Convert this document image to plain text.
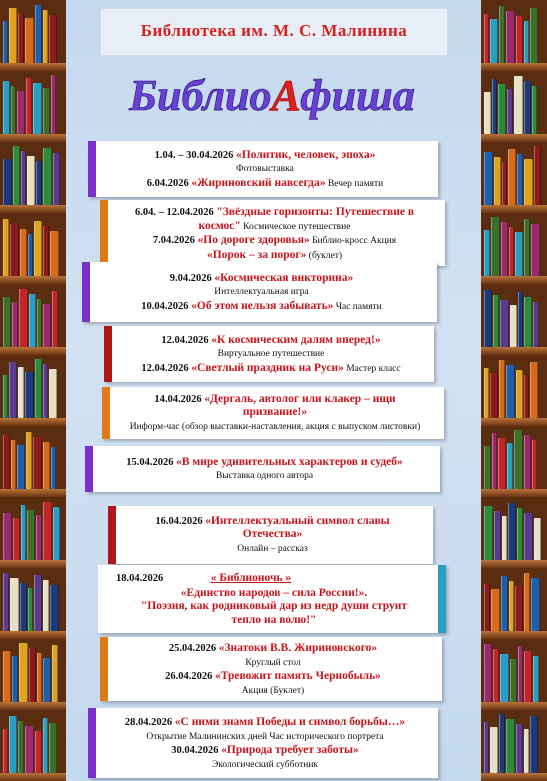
Библиотека им. М. С. Малинина
БиблиоАфиша
1.04. – 30.04.2026 «Политик, человек, эпоха»
Фотовыставка
6.04.2026 «Жириновский навсегда» Вечер памяти
6.04. – 12.04.2026 "Звёздные горизонты: Путешествие в
космос" Космическое путешествие
7.04.2026 «По дороге здоровья» Библио-кросс Акция
«Порок – за порог» (буклет)
9.04.2026 «Космическая викторина»
Интеллектуальная игра
10.04.2026 «Об этом нельзя забывать» Час памяти
12.04.2026 «К космическим далям вперед!»
Виртуальное путешествие
12.04.2026 «Светлый праздник на Руси» Мастер класс
14.04.2026 «Дергаль, автолог или клакер – ищи
призвание!»
Информ-час (обзор выставки-наставления, акция с выпуском листовки)
15.04.2026 «В мире удивительных характеров и судеб»
Выставка одного автора
16.04.2026 «Интеллектуальный символ славы
Отечества»
Онлайн – рассказ
18.04.2026	« Библионочь »
«Единство народов – сила России!».
"Поэзия, как родниковый дар из недр души струит
тепло на волю!"
25.04.2026 «Знатоки В.В. Жириновского»
Круглый стол
26.04.2026 «Тревожит память Чернобыль»
Акция (Буклет)
28.04.2026 «С ними знамя Победы и символ борьбы…»
Открытие Малининских дней Час исторического портрета
30.04.2026 «Природа требует заботы»
Экологический субботник
